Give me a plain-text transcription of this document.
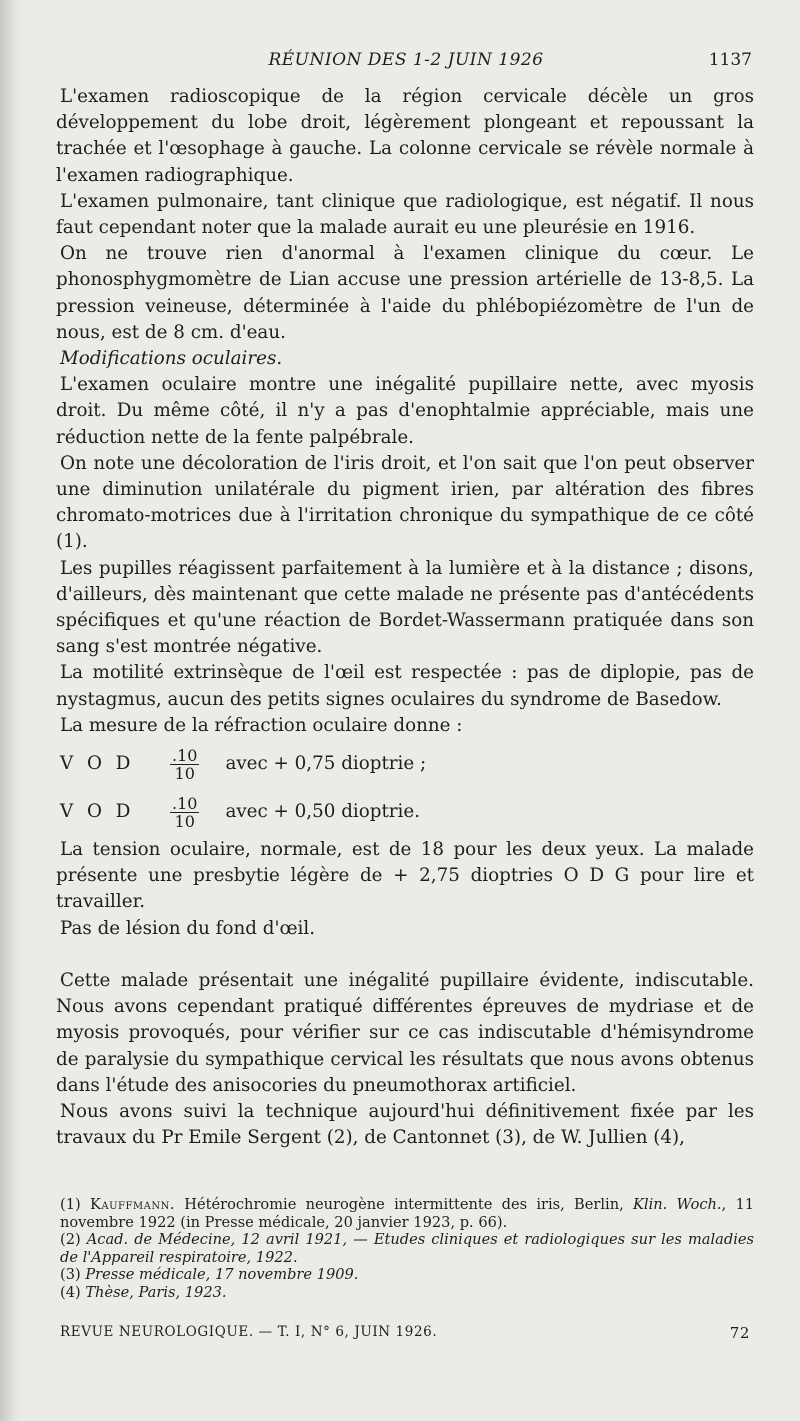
RÉUNION DES 1-2 JUIN 1926	1137

L'examen radioscopique de la région cervicale décèle un gros développement du lobe droit, légèrement plongeant et repoussant la trachée et l'œsophage à gauche. La colonne cervicale se révèle normale à l'examen radiographique.

L'examen pulmonaire, tant clinique que radiologique, est négatif. Il nous faut cependant noter que la malade aurait eu une pleurésie en 1916.

On ne trouve rien d'anormal à l'examen clinique du cœur. Le phonosphygmomètre de Lian accuse une pression artérielle de 13-8,5. La pression veineuse, déterminée à l'aide du phlébopiézomètre de l'un de nous, est de 8 cm. d'eau.

Modifications oculaires.

L'examen oculaire montre une inégalité pupillaire nette, avec myosis droit. Du même côté, il n'y a pas d'enophtalmie appréciable, mais une réduction nette de la fente palpébrale.

On note une décoloration de l'iris droit, et l'on sait que l'on peut observer une diminution unilatérale du pigment irien, par altération des fibres chromato-motrices due à l'irritation chronique du sympathique de ce côté (1).

Les pupilles réagissent parfaitement à la lumière et à la distance ; disons, d'ailleurs, dès maintenant que cette malade ne présente pas d'antécédents spécifiques et qu'une réaction de Bordet-Wassermann pratiquée dans son sang s'est montrée négative.

La motilité extrinsèque de l'œil est respectée : pas de diplopie, pas de nystagmus, aucun des petits signes oculaires du syndrome de Basedow.

La mesure de la réfraction oculaire donne :

V O D	$\frac{.10}{10}$ avec + 0,75 dioptrie ;
V O D	$\frac{.10}{10}$ avec + 0,50 dioptrie.

La tension oculaire, normale, est de 18 pour les deux yeux. La malade présente une presbytie légère de + 2,75 dioptries O D G pour lire et travailler.

Pas de lésion du fond d'œil.

Cette malade présentait une inégalité pupillaire évidente, indiscutable. Nous avons cependant pratiqué différentes épreuves de mydriase et de myosis provoqués, pour vérifier sur ce cas indiscutable d'hémisyndrome de paralysie du sympathique cervical les résultats que nous avons obtenus dans l'étude des anisocories du pneumothorax artificiel.

Nous avons suivi la technique aujourd'hui définitivement fixée par les travaux du Pr Emile Sergent (2), de Cantonnet (3), de W. Jullien (4),

(1) Kauffmann. Hétérochromie neurogène intermittente des iris, Berlin, Klin. Woch., 11 novembre 1922 (in Presse médicale, 20 janvier 1923, p. 66).

(2) Acad. de Médecine, 12 avril 1921, — Etudes cliniques et radiologiques sur les maladies de l'Appareil respiratoire, 1922.

(3) Presse médicale, 17 novembre 1909.

(4) Thèse, Paris, 1923.

REVUE NEUROLOGIQUE. — T. I, N° 6, JUIN 1926.	72
